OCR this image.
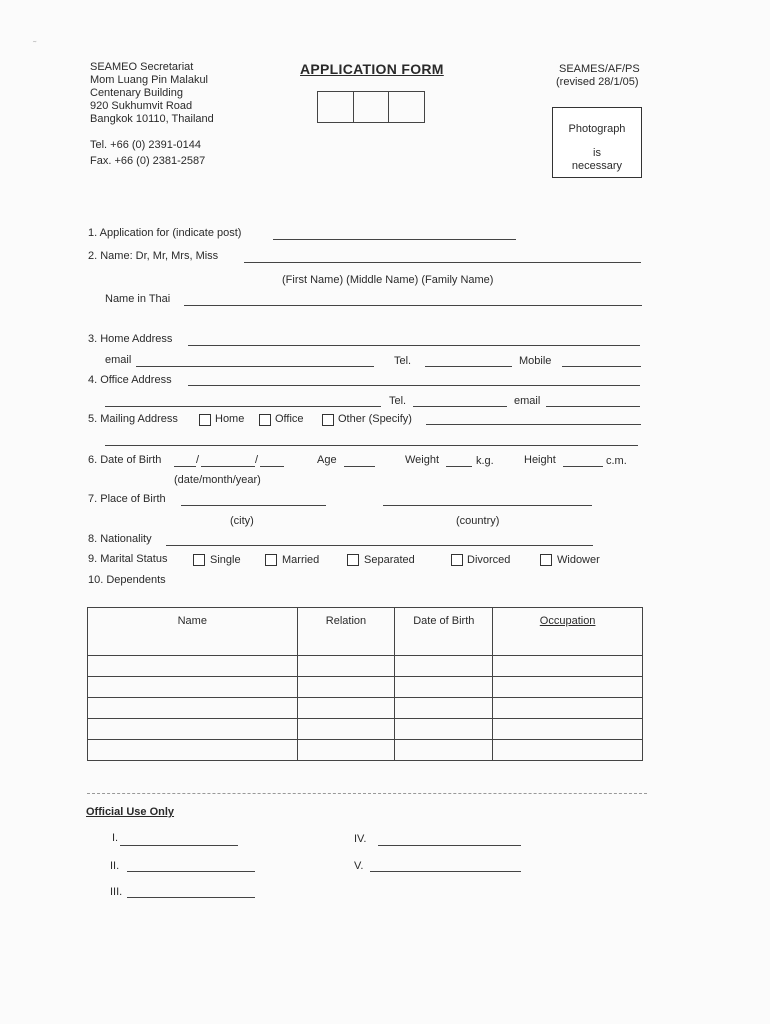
˜
SEAMEO Secretariat
Mom Luang Pin Malakul
Centenary Building
920 Sukhumvit Road
Bangkok 10110, Thailand
Tel. +66 (0) 2391-0144
Fax. +66 (0) 2381-2587
APPLICATION FORM	SEAMES/AF/PS
(revised 28/1/05)
Photograph
is
necessary
1. Application for (indicate post)
2. Name: Dr, Mr, Mrs, Miss
(First Name) (Middle Name) (Family Name)
Name in Thai
3. Home Address
email	Tel.	Mobile
4. Office Address
Tel.	email
5. Mailing Address	Home	Office	Other (Specify)
6. Date of Birth	/	/	Age	Weight	k.g.	Height	c.m.
(date/month/year)
7. Place of Birth
(city)	(country)
8. Nationality
9. Marital Status	Single	Married	Separated	Divorced	Widower
10. Dependents
Name	Relation	Date of Birth	Occupation

Official Use Only
I.
II.
III.
IV.
V.
